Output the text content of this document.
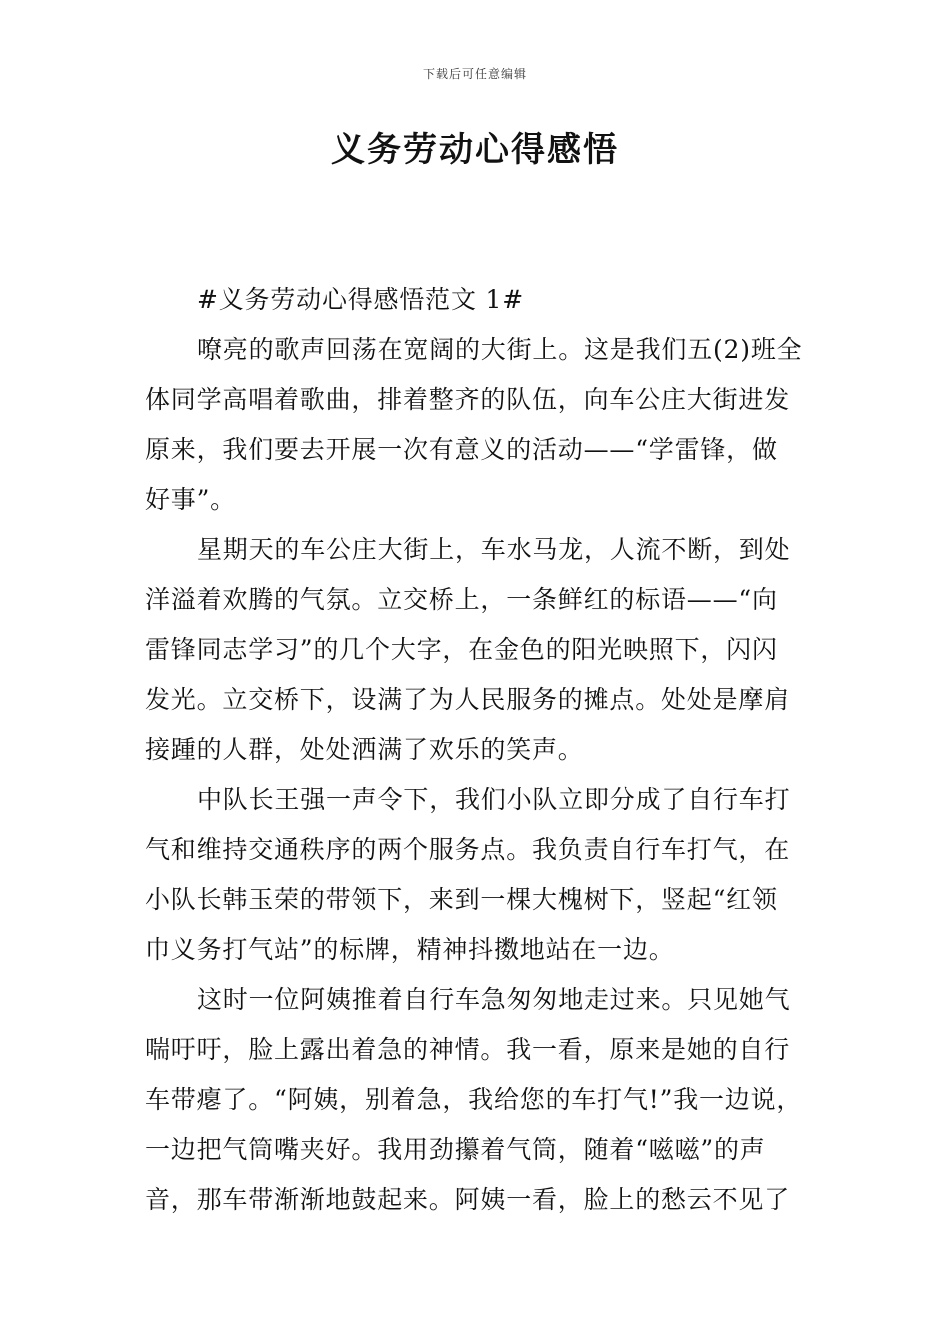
下载后可任意编辑
义务劳动心得感悟
#义务劳动心得感悟范文 1#
嘹亮的歌声回荡在宽阔的大街上。这是我们五(2)班全
体同学高唱着歌曲，排着整齐的队伍，向车公庄大街进发
原来，我们要去开展一次有意义的活动——“学雷锋，做
好事”。
星期天的车公庄大街上，车水马龙，人流不断，到处
洋溢着欢腾的气氛。立交桥上，一条鲜红的标语——“向
雷锋同志学习”的几个大字，在金色的阳光映照下，闪闪
发光。立交桥下，设满了为人民服务的摊点。处处是摩肩
接踵的人群，处处洒满了欢乐的笑声。
中队长王强一声令下，我们小队立即分成了自行车打
气和维持交通秩序的两个服务点。我负责自行车打气，在
小队长韩玉荣的带领下，来到一棵大槐树下，竖起“红领
巾义务打气站”的标牌，精神抖擞地站在一边。
这时一位阿姨推着自行车急匆匆地走过来。只见她气
喘吁吁，脸上露出着急的神情。我一看，原来是她的自行
车带瘪了。“阿姨，别着急，我给您的车打气!”我一边说，
一边把气筒嘴夹好。我用劲攥着气筒，随着“嗞嗞”的声
音，那车带渐渐地鼓起来。阿姨一看，脸上的愁云不见了
